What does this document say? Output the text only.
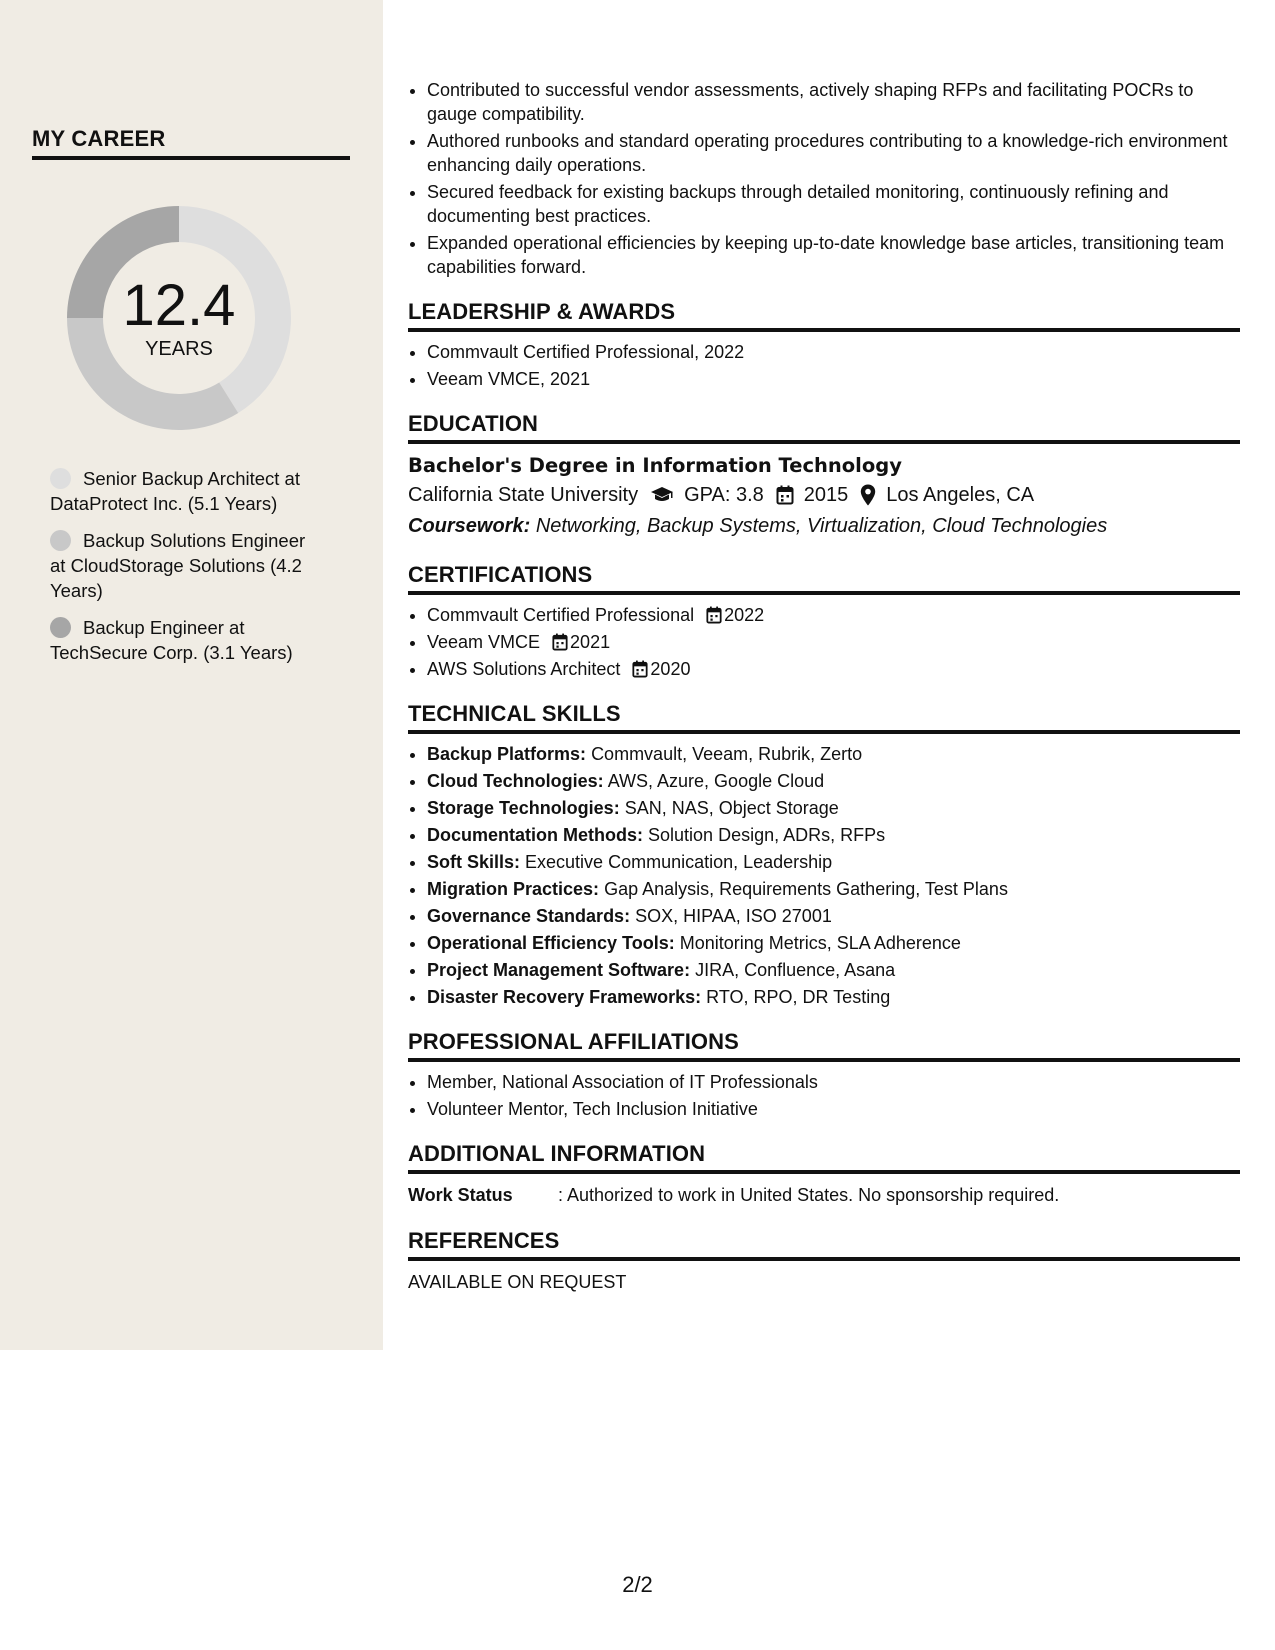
MY CAREER
12.4
YEARS
Senior Backup Architect at DataProtect Inc. (5.1 Years)
Backup Solutions Engineer at CloudStorage Solutions (4.2 Years)
Backup Engineer at TechSecure Corp. (3.1 Years)
• Contributed to successful vendor assessments, actively shaping RFPs and facilitating POCRs to gauge compatibility.
• Authored runbooks and standard operating procedures contributing to a knowledge-rich environment enhancing daily operations.
• Secured feedback for existing backups through detailed monitoring, continuously refining and documenting best practices.
• Expanded operational efficiencies by keeping up-to-date knowledge base articles, transitioning team capabilities forward.
LEADERSHIP & AWARDS
• Commvault Certified Professional, 2022
• Veeam VMCE, 2021
EDUCATION
Bachelor's Degree in Information Technology
California State University GPA: 3.8 2015 Los Angeles, CA
Coursework: Networking, Backup Systems, Virtualization, Cloud Technologies
CERTIFICATIONS
• Commvault Certified Professional 2022
• Veeam VMCE 2021
• AWS Solutions Architect 2020
TECHNICAL SKILLS
• Backup Platforms: Commvault, Veeam, Rubrik, Zerto
• Cloud Technologies: AWS, Azure, Google Cloud
• Storage Technologies: SAN, NAS, Object Storage
• Documentation Methods: Solution Design, ADRs, RFPs
• Soft Skills: Executive Communication, Leadership
• Migration Practices: Gap Analysis, Requirements Gathering, Test Plans
• Governance Standards: SOX, HIPAA, ISO 27001
• Operational Efficiency Tools: Monitoring Metrics, SLA Adherence
• Project Management Software: JIRA, Confluence, Asana
• Disaster Recovery Frameworks: RTO, RPO, DR Testing
PROFESSIONAL AFFILIATIONS
• Member, National Association of IT Professionals
• Volunteer Mentor, Tech Inclusion Initiative
ADDITIONAL INFORMATION
Work Status	: Authorized to work in United States. No sponsorship required.
REFERENCES
AVAILABLE ON REQUEST
2/2
